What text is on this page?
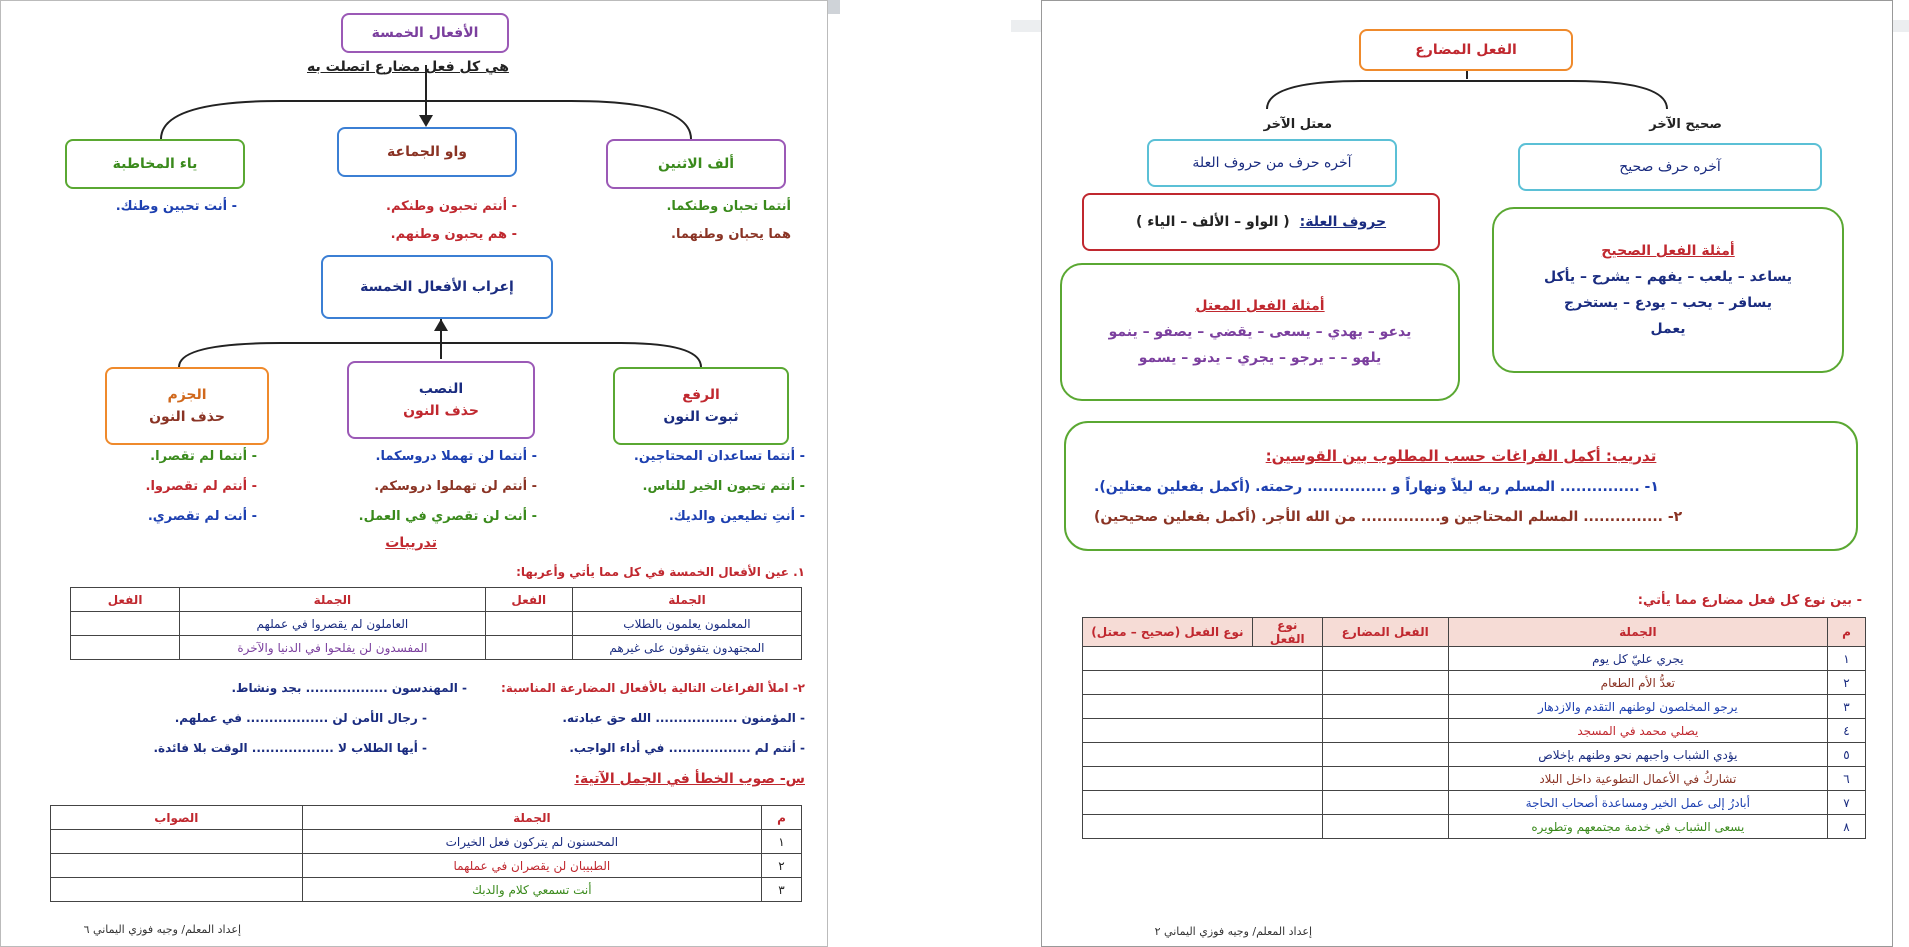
الأفعال الخمسة
هي كل فعل مضارع اتصلت به
ألف الاثنين
واو الجماعة
ياء المخاطبة
أنتما تحبان وطنكما.
هما يحبان وطنهما.
- أنتم تحبون وطنكم.
- هم يحبون وطنهم.
- أنت تحبين وطنك.
إعراب الأفعال الخمسة
الرفع
ثبوت النون
النصب
حذف النون
الجزم
حذف النون
- أنتما تساعدان المحتاجين.
- أنتم تحبون الخير للناس.
- أنتِ تطيعين والديك.
- أنتما لن تهملا دروسكما.
- أنتم لن تهملوا دروسكم.
- أنت لن تقصري في العمل.
- أنتما لم تقصرا.
- أنتم لم تقصروا.
- أنت لم تقصري.
تدريبات
١. عين الأفعال الخمسة في كل مما يأتي وأعربها:
الجملة	الفعل	الجملة	الفعل
المعلمون يعلمون بالطلاب		العاملون لم يقصروا في عملهم	
المجتهدون يتفوقون على غيرهم		المفسدون لن يفلحوا في الدنيا والآخرة	
٢- املأ الفراغات التالية بالأفعال المضارعة المناسبة:
- المهندسون .................. بجد ونشاط.
- المؤمنون .................. الله حق عبادته.
- رجال الأمن لن .................. في عملهم.
- أنتم لم .................. في أداء الواجب.
- أيها الطلاب لا .................. الوقت بلا فائدة.
س- صوب الخطأ في الجمل الآتية:
م	الجملة	الصواب
١	المحسنون لم يتركون فعل الخيرات	
٢	الطبيبان لن يقصران في عملهما	
٣	أنت تسمعي كلام والدبك	
إعداد المعلم/ وجيه فوزي اليماني ٦
الفعل المضارع
صحيح الآخر
معتل الآخر
آخره حرف صحيح
آخره حرف من حروف العلة
حروف العلة:
( الواو – الألف – الياء )
أمثلة الفعل الصحيح
يساعد – يلعب – يفهم – يشرح – يأكل
يسافر – يحب – يودع – يستخرج
يعمل
أمثلة الفعل المعتل
يدعو – يهدي – يسعى – يقضي – يصفو – ينمو
يلهو – – يرجو – يجري – يدنو – يسمو
تدريب: أكمل الفراغات حسب المطلوب بين القوسين:
١- ............... المسلم ربه ليلاً ونهاراً و ............... رحمته. (أكمل بفعلين معتلين).
٢- ............... المسلم المحتاجين و............... من الله الأجر. (أكمل بفعلين صحيحين)
- بين نوع كل فعل مضارع مما يأتي:
م	الجملة	الفعل المضارع	نوع الفعل	نوع الفعل (صحيح – معتل)
١	يجري عليّ كل يوم			
٢	تعدُّ الأم الطعام			
٣	يرجو المخلصون لوطنهم التقدم والازدهار			
٤	يصلي محمد في المسجد			
٥	يؤدي الشباب واجبهم نحو وطنهم بإخلاص			
٦	تشاركُ في الأعمال التطوعية داخل البلاد			
٧	أبادرُ إلى عمل الخير ومساعدة أصحاب الحاجة			
٨	يسعى الشباب في خدمة مجتمعهم وتطويره			
إعداد المعلم/ وجيه فوزي اليماني ٢
